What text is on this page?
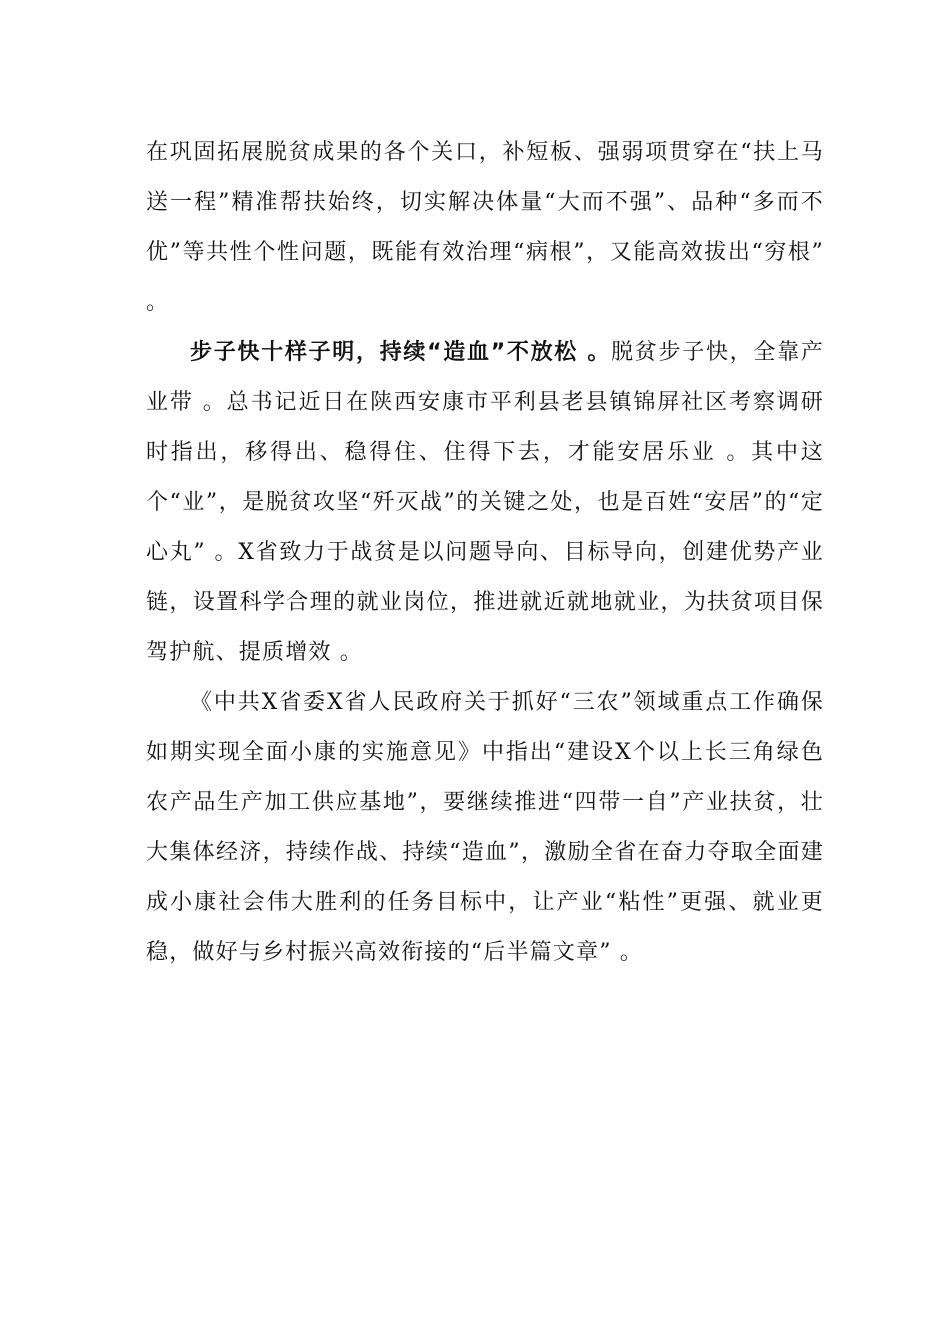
在巩固拓展脱贫成果的各个关口，补短板、强弱项贯穿在“扶上马送一程”精准帮扶始终，切实解决体量“大而不强”、品种“多而不优”等共性个性问题，既能有效治理“病根”，又能高效拔出“穷根” 。

步子快十样子明，持续“造血”不放松 。脱贫步子快，全靠产业带 。总书记近日在陕西安康市平利县老县镇锦屏社区考察调研时指出，移得出、稳得住、住得下去，才能安居乐业 。其中这个“业”，是脱贫攻坚“歼灭战”的关键之处，也是百姓“安居”的“定心丸” 。X省致力于战贫是以问题导向、目标导向，创建优势产业链，设置科学合理的就业岗位，推进就近就地就业，为扶贫项目保驾护航、提质增效 。

《中共X省委X省人民政府关于抓好“三农”领域重点工作确保如期实现全面小康的实施意见》中指出“建设X个以上长三角绿色农产品生产加工供应基地”，要继续推进“四带一自”产业扶贫，壮大集体经济，持续作战、持续“造血”，激励全省在奋力夺取全面建成小康社会伟大胜利的任务目标中，让产业“粘性”更强、就业更稳，做好与乡村振兴高效衔接的“后半篇文章” 。
